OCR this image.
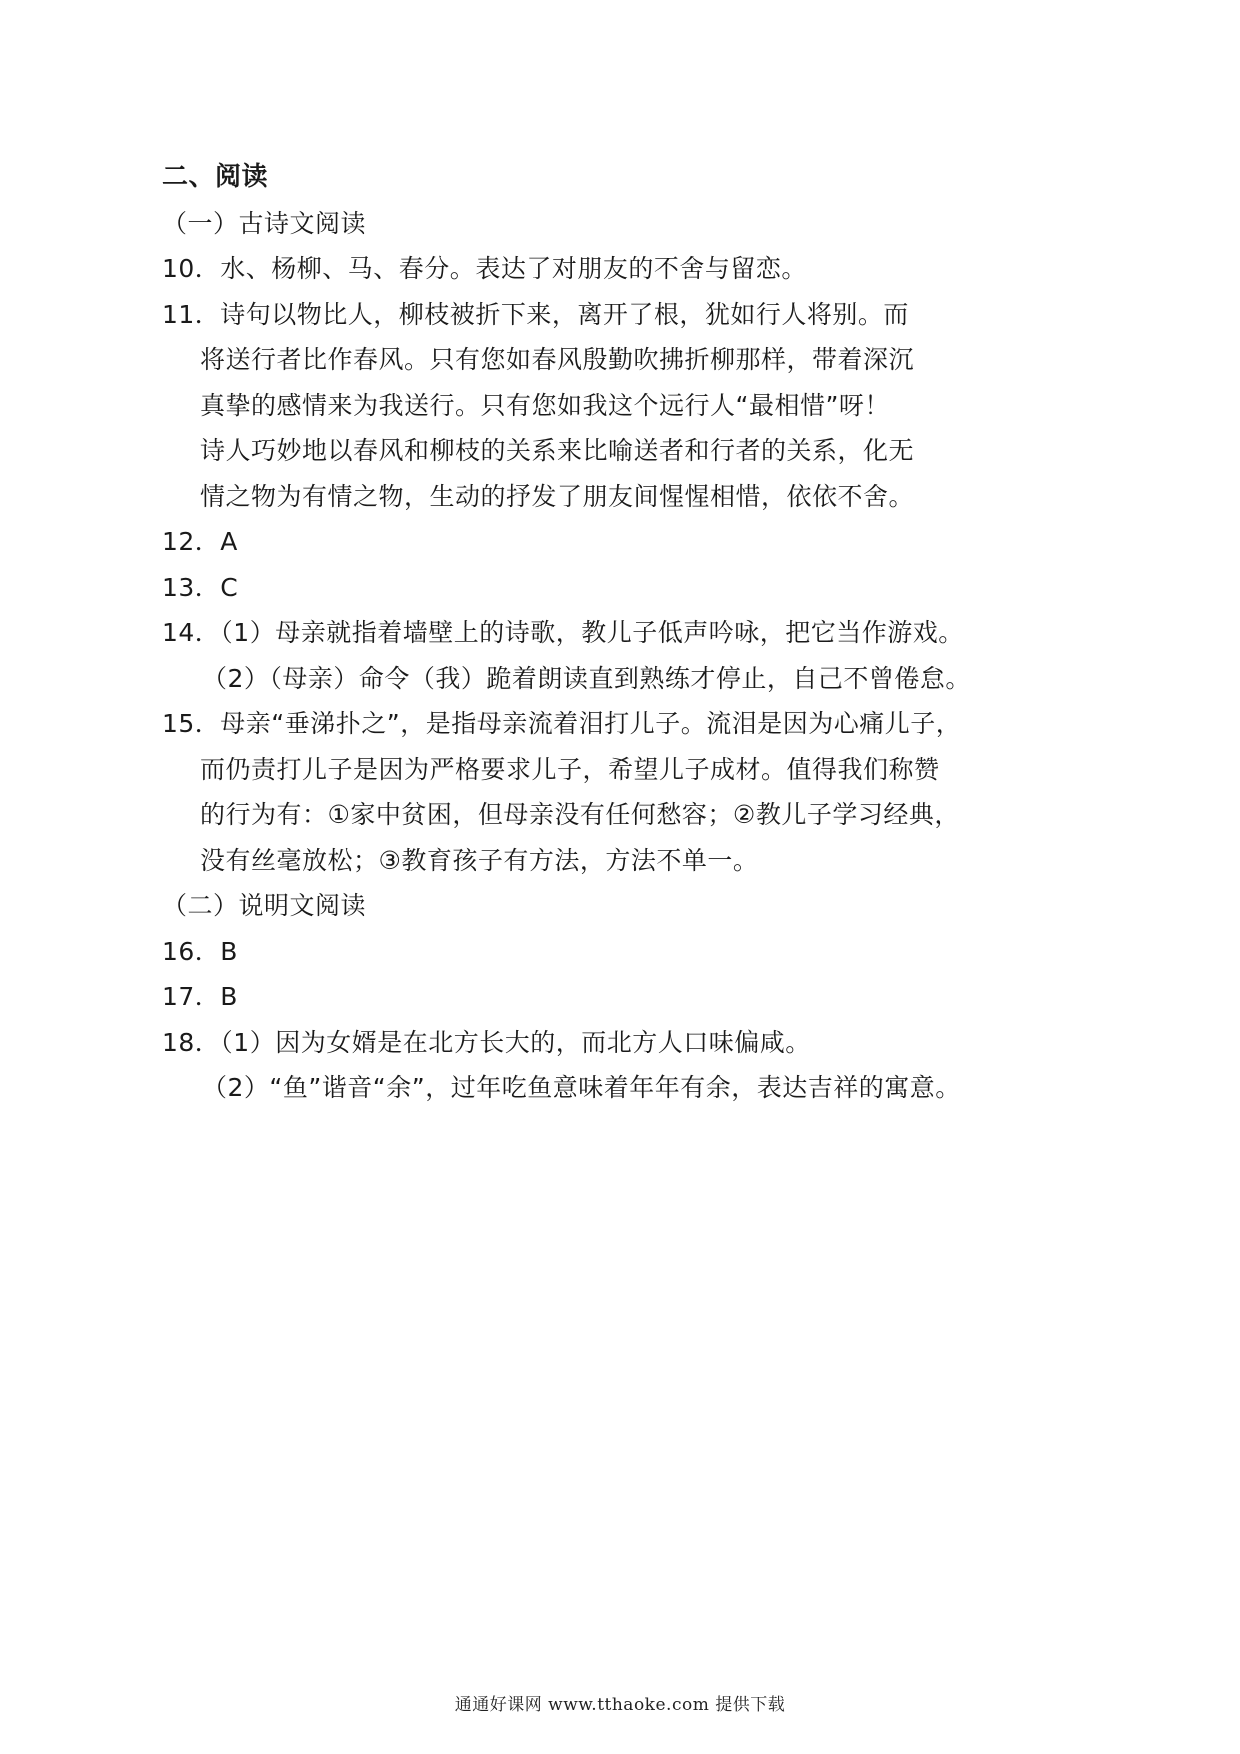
二、阅读
（一）古诗文阅读
10．水、杨柳、马、春分。表达了对朋友的不舍与留恋。
11．诗句以物比人，柳枝被折下来，离开了根，犹如行人将别。而
将送行者比作春风。只有您如春风殷勤吹拂折柳那样，带着深沉
真挚的感情来为我送行。只有您如我这个远行人“最相惜”呀！
诗人巧妙地以春风和柳枝的关系来比喻送者和行者的关系，化无
情之物为有情之物，生动的抒发了朋友间惺惺相惜，依依不舍。
12．A
13．C
14．（1）母亲就指着墙壁上的诗歌，教儿子低声吟咏，把它当作游戏。
（2）（母亲）命令（我）跪着朗读直到熟练才停止，自己不曾倦怠。
15．母亲“垂涕扑之”，是指母亲流着泪打儿子。流泪是因为心痛儿子，
而仍责打儿子是因为严格要求儿子，希望儿子成材。值得我们称赞
的行为有：①家中贫困，但母亲没有任何愁容；②教儿子学习经典，
没有丝毫放松；③教育孩子有方法，方法不单一。
（二）说明文阅读
16．B
17．B
18．（1）因为女婿是在北方长大的，而北方人口味偏咸。
（2）“鱼”谐音“余”，过年吃鱼意味着年年有余，表达吉祥的寓意。
通通好课网 www.tthaoke.com 提供下载
